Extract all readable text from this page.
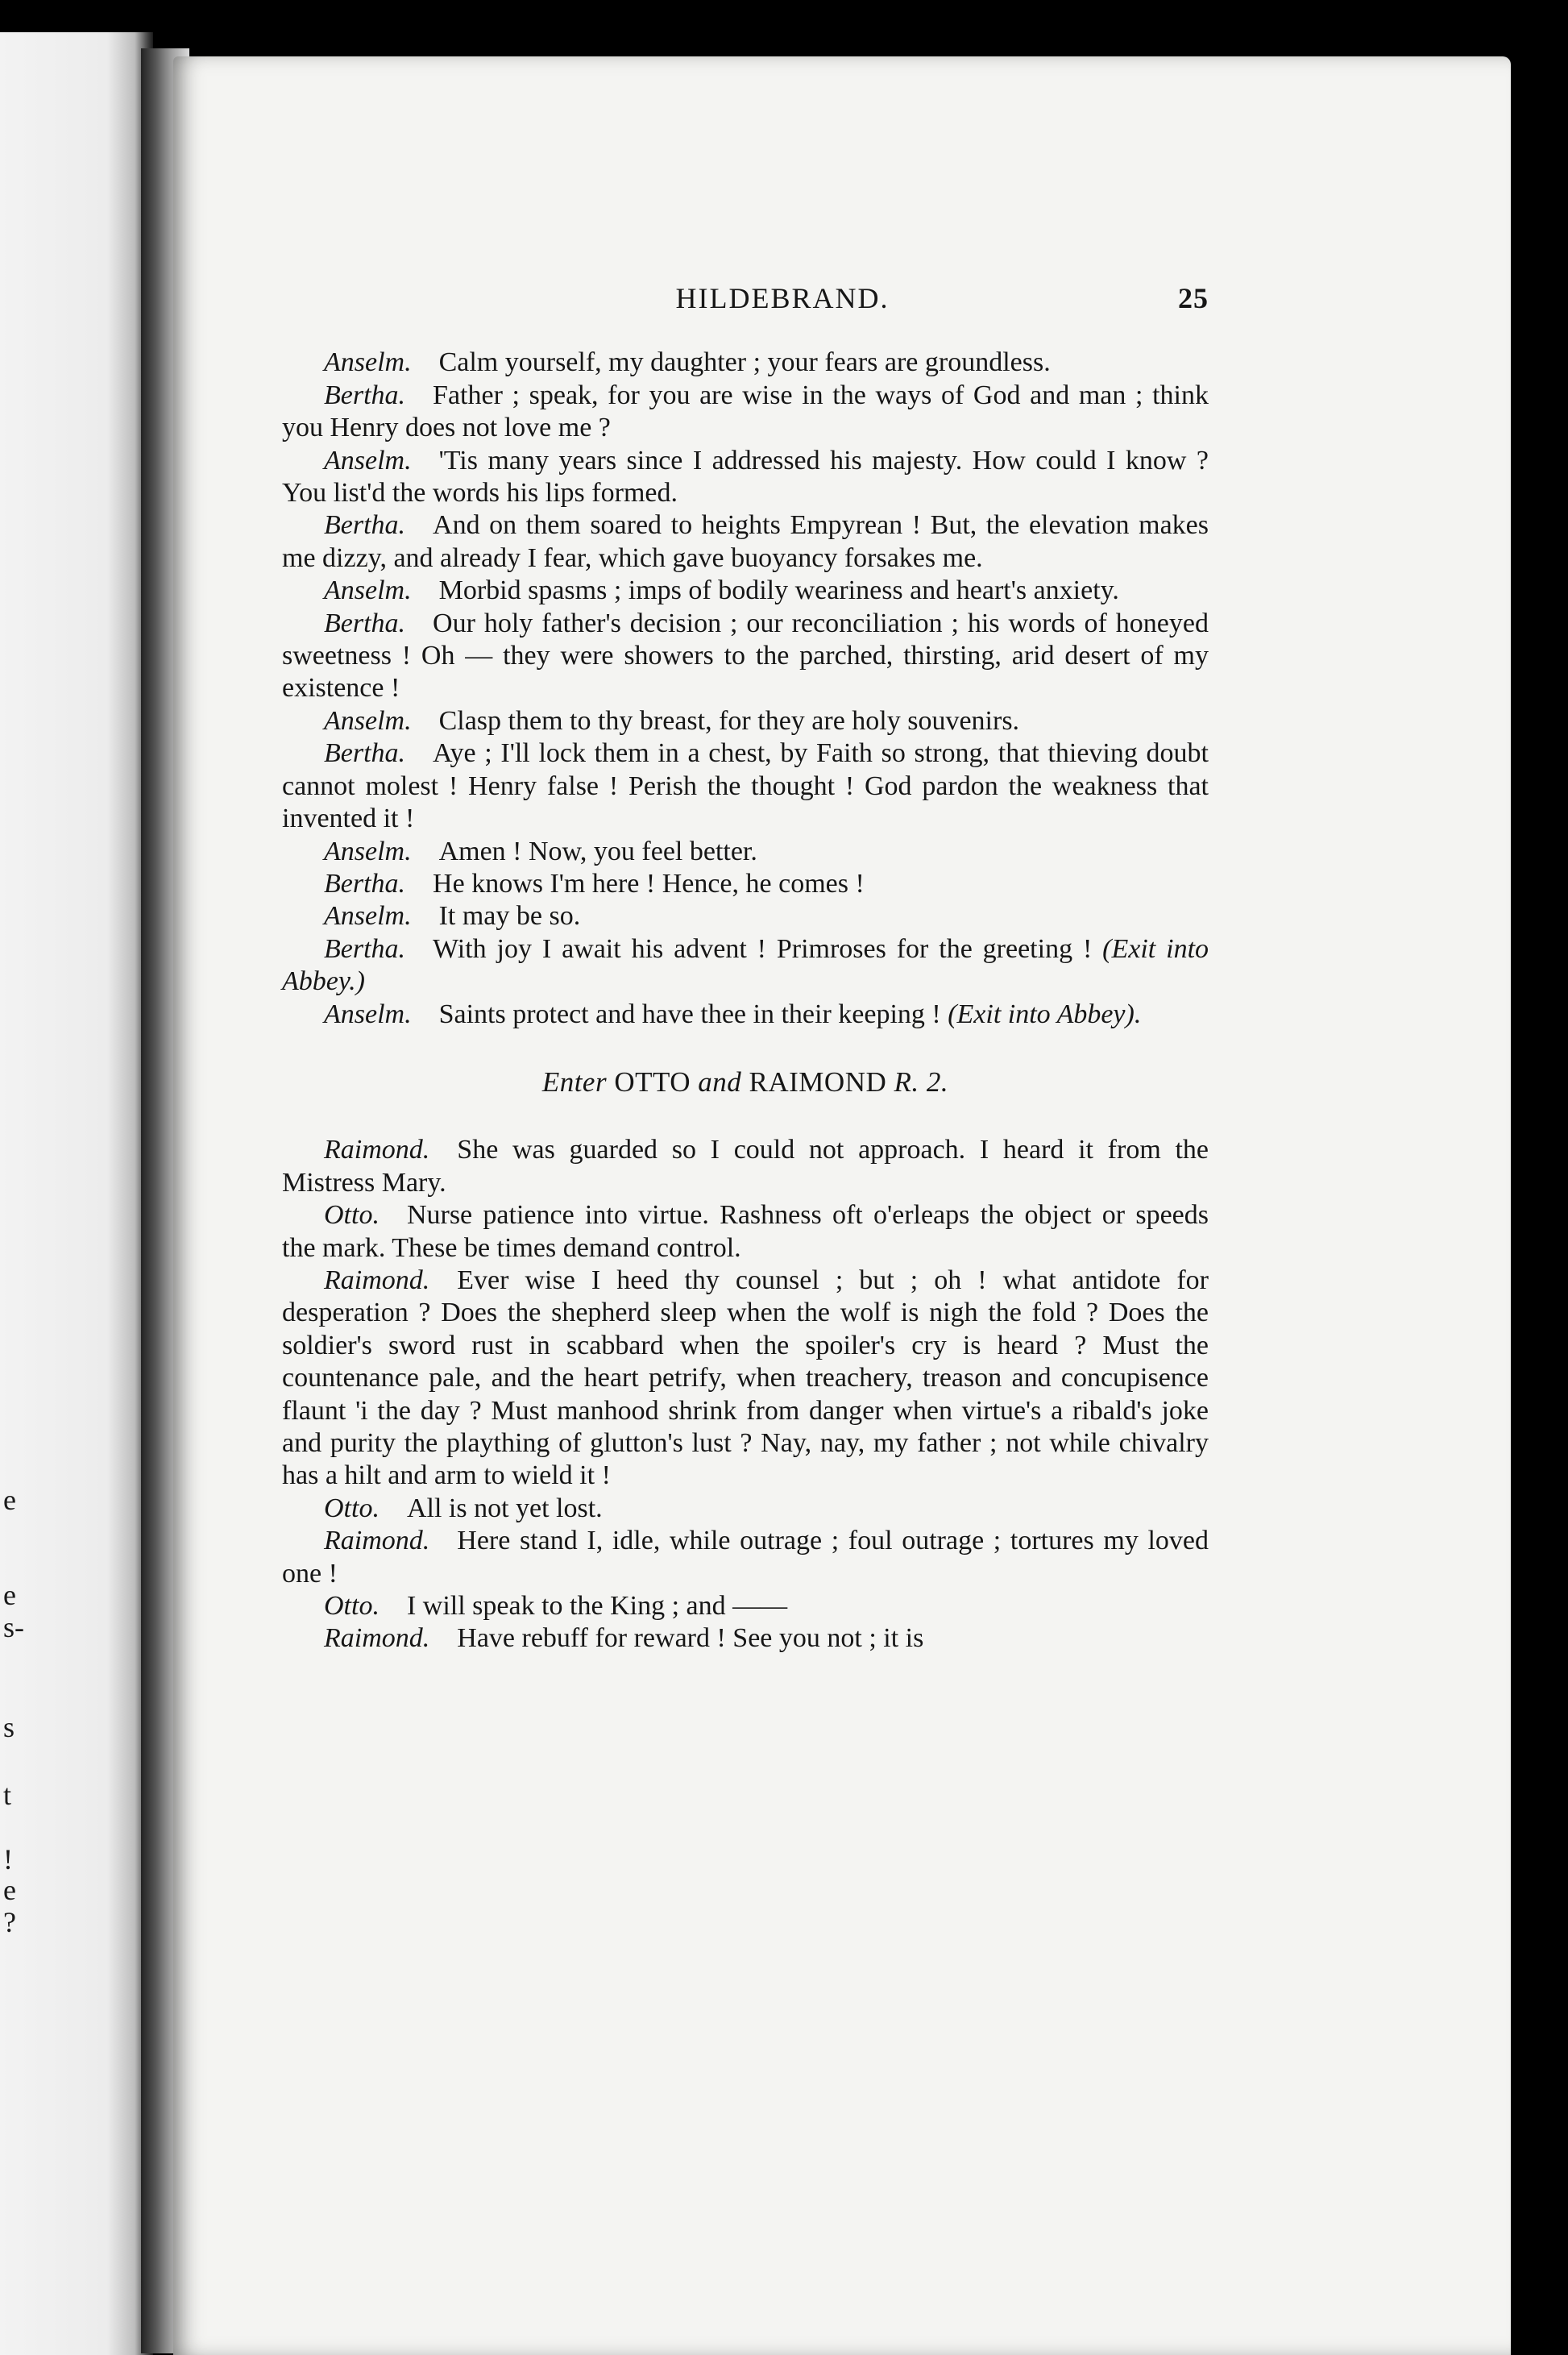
e
e
s-
s
t
!
e
?
HILDEBRAND.	25

Anselm.  Calm yourself, my daughter ; your fears are groundless.

Bertha.  Father ; speak, for you are wise in the ways of God and man ; think you Henry does not love me ?

Anselm.  'Tis many years since I addressed his majesty. How could I know ? You list'd the words his lips formed.

Bertha.  And on them soared to heights Empyrean ! But, the elevation makes me dizzy, and already I fear, which gave buoyancy forsakes me.

Anselm.  Morbid spasms ; imps of bodily weariness and heart's anxiety.

Bertha.  Our holy father's decision ; our reconciliation ; his words of honeyed sweetness ! Oh — they were showers to the parched, thirsting, arid desert of my existence !

Anselm.  Clasp them to thy breast, for they are holy souvenirs.

Bertha.  Aye ; I'll lock them in a chest, by Faith so strong, that thieving doubt cannot molest ! Henry false ! Perish the thought ! God pardon the weakness that invented it !

Anselm.  Amen ! Now, you feel better.

Bertha.  He knows I'm here ! Hence, he comes !

Anselm.  It may be so.

Bertha.  With joy I await his advent ! Primroses for the greeting ! (Exit into Abbey.)

Anselm.  Saints protect and have thee in their keeping ! (Exit into Abbey).

Enter OTTO and RAIMOND R. 2.

Raimond.  She was guarded so I could not approach. I heard it from the Mistress Mary.

Otto.  Nurse patience into virtue. Rashness oft o'erleaps the object or speeds the mark. These be times demand control.

Raimond.  Ever wise I heed thy counsel ; but ; oh ! what antidote for desperation ? Does the shepherd sleep when the wolf is nigh the fold ? Does the soldier's sword rust in scabbard when the spoiler's cry is heard ? Must the countenance pale, and the heart petrify, when treachery, treason and concupisence flaunt 'i the day ? Must manhood shrink from danger when virtue's a ribald's joke and purity the plaything of glutton's lust ? Nay, nay, my father ; not while chivalry has a hilt and arm to wield it !

Otto.  All is not yet lost.

Raimond.  Here stand I, idle, while outrage ; foul outrage ; tortures my loved one !

Otto.  I will speak to the King ; and ——

Raimond.  Have rebuff for reward ! See you not ; it is
